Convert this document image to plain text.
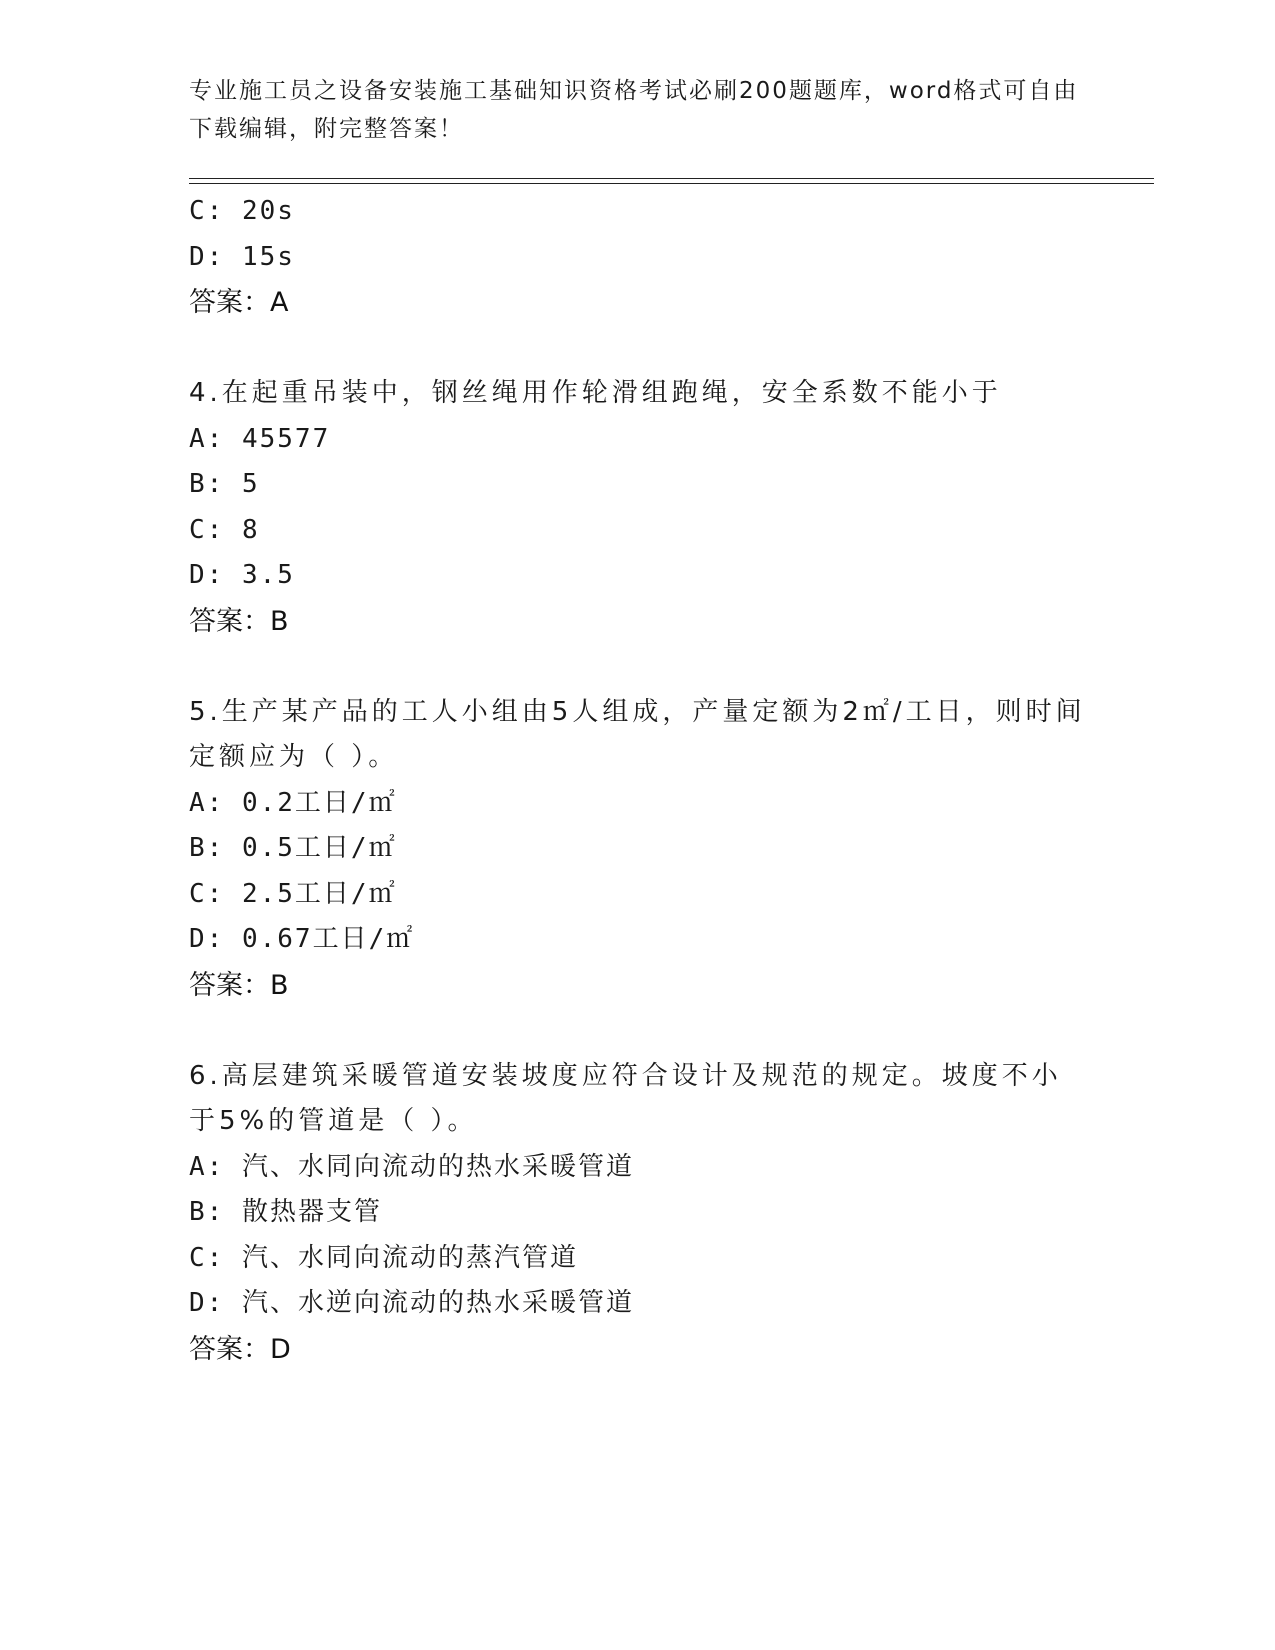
专业施工员之设备安装施工基础知识资格考试必刷200题题库，word格式可自由下载编辑，附完整答案！
C: 20s
D: 15s
答案：A
4.在起重吊装中，钢丝绳用作轮滑组跑绳，安全系数不能小于
A: 45577
B: 5
C: 8
D: 3.5
答案：B
5.生产某产品的工人小组由5人组成，产量定额为2㎡/工日，则时间定额应为（ ）。
A: 0.2工日/㎡
B: 0.5工日/㎡
C: 2.5工日/㎡
D: 0.67工日/㎡
答案：B
6.高层建筑采暖管道安装坡度应符合设计及规范的规定。坡度不小于5%的管道是（ ）。
A: 汽、水同向流动的热水采暖管道
B: 散热器支管
C: 汽、水同向流动的蒸汽管道
D: 汽、水逆向流动的热水采暖管道
答案：D
